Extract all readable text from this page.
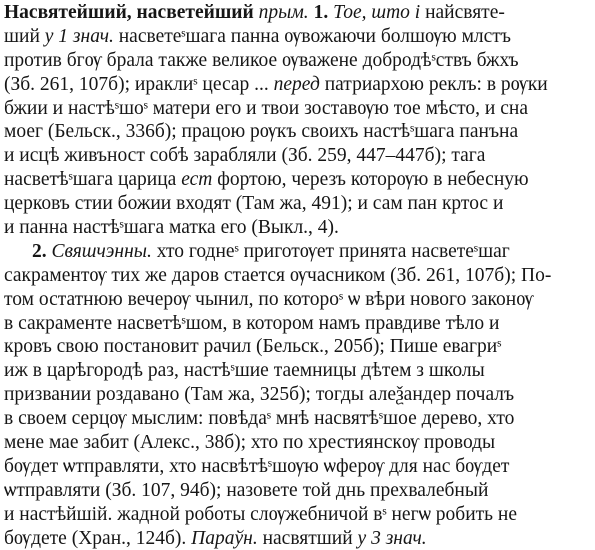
Насвятейший, насветейший прым. 1. Тое, што і найсвяте-
ший у 1 знач. насветеˢшага панна ѹвожаючи болшѹю млстъ
против бгѹ брала также великое ѹваженe добродѣˢствъ бжхъ
(Зб. 261, 107б); ираклиˢ цесар ... перед патриархою реклъ: в рѹки
бжии и настѣˢшоˢ матери его и твои зоставѹю тое мѣсто, и сна
моег (Бельск., 336б); працою рѹкъ своихъ настѣˢшага панъна
и исцѣ живъност собѣ зарабляли (Зб. 259, 447–447б); тага
насветѣˢшага царица ест фортою, черезъ которѹю в небесную
церковъ стии божии входят (Там жа, 491); и сам пан кртос и
и панна настѣˢшага матка его (Выкл., 4).
2. Свяшчэнны. хто годнеˢ приготѹет принята насветеˢшаг
сакраментѹ тих же даров стается ѹчасником (Зб. 261, 107б); По-
том остатнюю вечерѹ чынил, по которoˢ ѡ вѣри нового законѹ
в сакраменте насветѣˢшом, в котором намъ правдиве тѣло и
кровъ свою постановит рачил (Бельск., 205б); Пише евагриˢ
иж в царѣгородѣ раз, настѣˢшие таемницы дѣтем з школы
призвании роздавано (Там жа, 325б); тогды алеѯандер почалъ
в своем серцѹ мыслим: повѣдаˢ мнѣ насвятѣˢшое дерево, хто
мене мае забит (Алекс., 38б); хто по хрестиянскѹ проводы
бѹдет ѡтправляти, хто насвѣтѣˢшѹю ѡферѹ для нас бѹдет
ѡтправляти (Зб. 107, 94б); назовете той днь прехвалебный
и настѣйшій. жадной роботы слѹжебничой вˢ негѡ робить не
бѹдете (Хран., 124б). Параўн. насвятший у 3 знач.
